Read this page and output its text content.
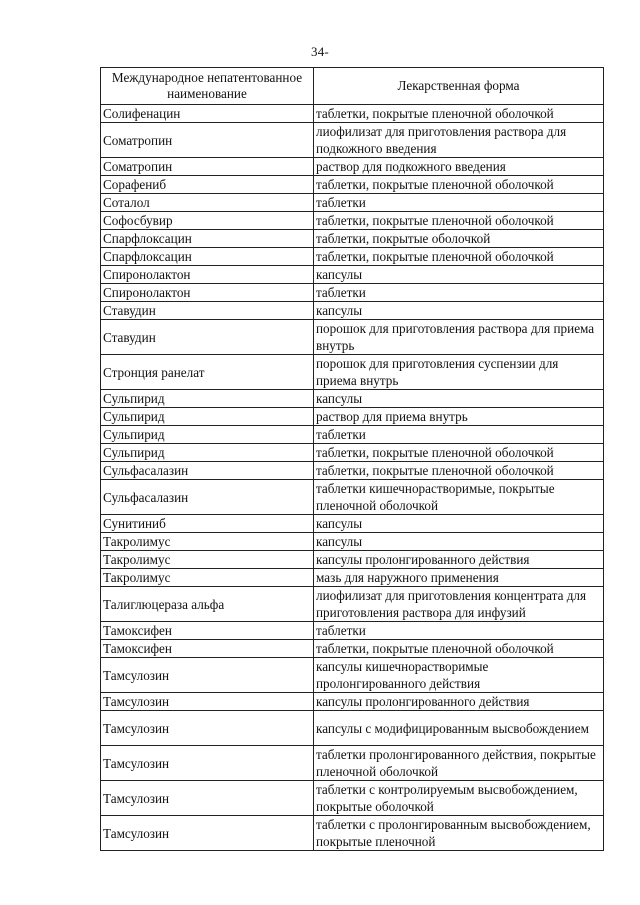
34-
Международное непатентованное наименование	Лекарственная форма
Солифенацин	таблетки, покрытые пленочной оболочкой
Соматропин	лиофилизат для приготовления раствора для подкожного введения
Соматропин	раствор для подкожного введения
Сорафениб	таблетки, покрытые пленочной оболочкой
Соталол	таблетки
Софосбувир	таблетки, покрытые пленочной оболочкой
Спарфлоксацин	таблетки, покрытые оболочкой
Спарфлоксацин	таблетки, покрытые пленочной оболочкой
Спиронолактон	капсулы
Спиронолактон	таблетки
Ставудин	капсулы
Ставудин	порошок для приготовления раствора для приема внутрь
Стронция ранелат	порошок для приготовления суспензии для приема внутрь
Сульпирид	капсулы
Сульпирид	раствор для приема внутрь
Сульпирид	таблетки
Сульпирид	таблетки, покрытые пленочной оболочкой
Сульфасалазин	таблетки, покрытые пленочной оболочкой
Сульфасалазин	таблетки кишечнорастворимые, покрытые пленочной оболочкой
Сунитиниб	капсулы
Такролимус	капсулы
Такролимус	капсулы пролонгированного действия
Такролимус	мазь для наружного применения
Талиглюцераза альфа	лиофилизат для приготовления концентрата для приготовления раствора для инфузий
Тамоксифен	таблетки
Тамоксифен	таблетки, покрытые пленочной оболочкой
Тамсулозин	капсулы кишечнорастворимые пролонгированного действия
Тамсулозин	капсулы пролонгированного действия
Тамсулозин	капсулы с модифицированным высвобождением
Тамсулозин	таблетки пролонгированного действия, покрытые пленочной оболочкой
Тамсулозин	таблетки с контролируемым высвобождением, покрытые оболочкой
Тамсулозин	таблетки с пролонгированным высвобождением, покрытые пленочной
